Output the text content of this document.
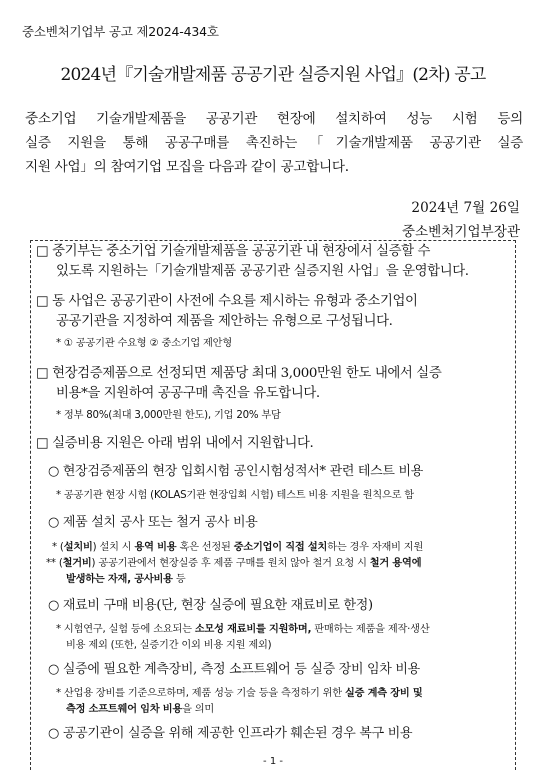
중소벤처기업부 공고 제2024-434호
2024년『기술개발제품 공공기관 실증지원 사업』(2차) 공고
중소기업 기술개발제품을 공공기관 현장에 설치하여 성능 시험 등의
실증 지원을 통해 공공구매를 촉진하는「기술개발제품 공공기관 실증
지원 사업」의 참여기업 모집을 다음과 같이 공고합니다.
2024년 7월 26일
중소벤처기업부장관
□ 중기부는 중소기업 기술개발제품을 공공기관 내 현장에서 실증할 수
있도록 지원하는「기술개발제품 공공기관 실증지원 사업」을 운영합니다.
□ 동 사업은 공공기관이 사전에 수요를 제시하는 유형과 중소기업이
공공기관을 지정하여 제품을 제안하는 유형으로 구성됩니다.
* ① 공공기관 수요형 ② 중소기업 제안형
□ 현장검증제품으로 선정되면 제품당 최대 3,000만원 한도 내에서 실증
비용*을 지원하여 공공구매 촉진을 유도합니다.
* 정부 80%(최대 3,000만원 한도), 기업 20% 부담
□ 실증비용 지원은 아래 범위 내에서 지원합니다.
○ 현장검증제품의 현장 입회시험 공인시험성적서* 관련 테스트 비용
* 공공기관 현장 시험 (KOLAS기관 현장입회 시험) 테스트 비용 지원을 원칙으로 함
○ 제품 설치 공사 또는 철거 공사 비용
* (설치비) 설치 시 용역 비용 혹은 선정된 중소기업이 직접 설치하는 경우 자재비 지원
** (철거비) 공공기관에서 현장실증 후 제품 구매를 원치 않아 철거 요청 시 철거 용역에
발생하는 자재, 공사비용 등
○ 재료비 구매 비용(단, 현장 실증에 필요한 재료비로 한정)
* 시험연구, 실험 등에 소요되는 소모성 재료비를 지원하며, 판매하는 제품을 제작·생산
비용 제외 (또한, 실증기간 이외 비용 지원 제외)
○ 실증에 필요한 계측장비, 측정 소프트웨어 등 실증 장비 임차 비용
* 산업용 장비를 기준으로하며, 제품 성능 기술 등을 측정하기 위한 실증 계측 장비 및
측정 소프트웨어 임차 비용을 의미
○ 공공기관이 실증을 위해 제공한 인프라가 훼손된 경우 복구 비용
- 1 -
